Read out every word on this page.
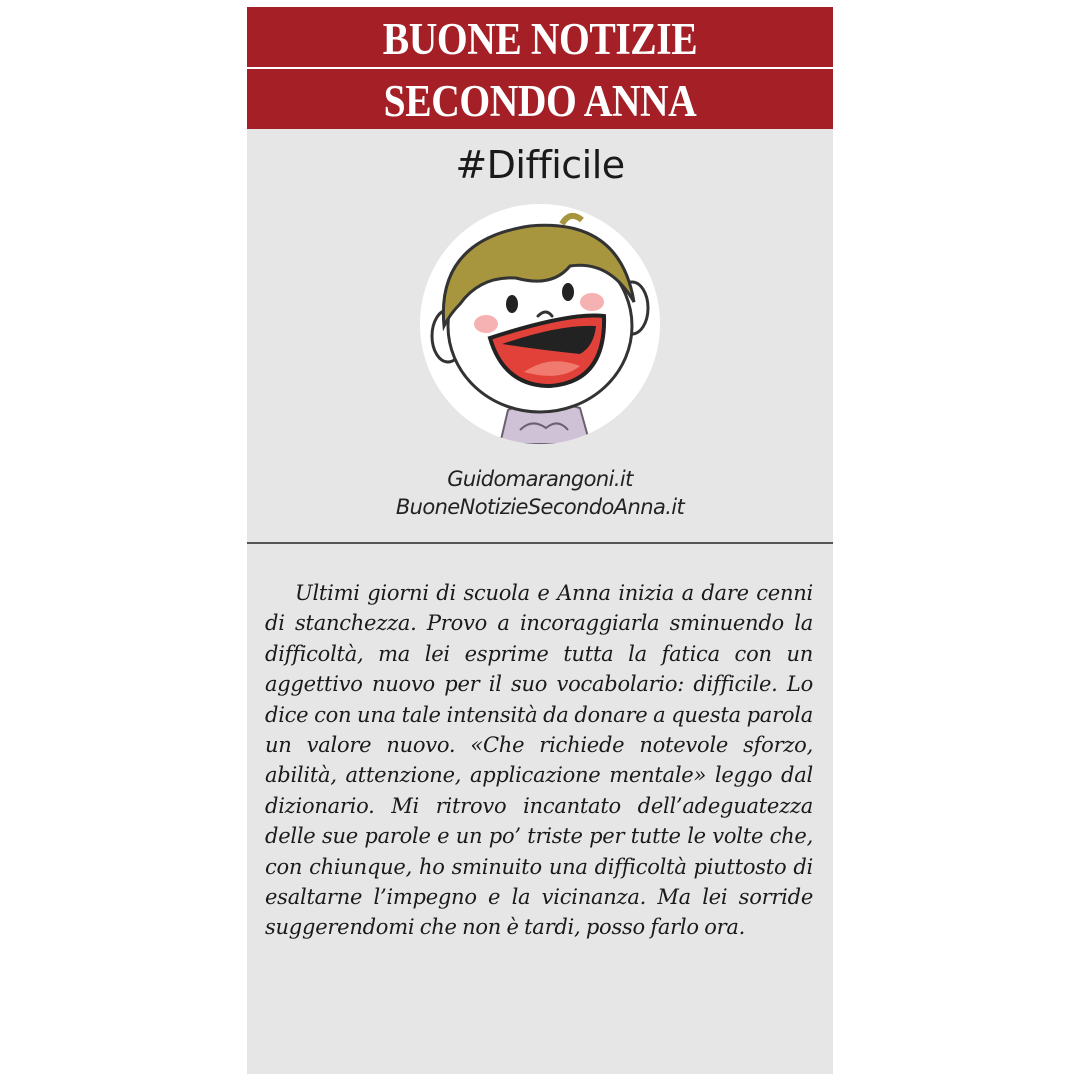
BUONE NOTIZIE
SECONDO ANNA
#Difficile
Guidomarangoni.it
BuoneNotizieSecondoAnna.it
Ultimi giorni di scuola e Anna inizia a dare cenni di stanchezza. Provo a incoraggiarla sminuendo la difficoltà, ma lei esprime tutta la fatica con un aggettivo nuovo per il suo vocabolario: difficile. Lo dice con una tale intensità da donare a questa parola un valore nuovo. «Che richiede notevole sforzo, abilità, attenzione, applicazione mentale» leggo dal dizionario. Mi ritrovo incantato dell’adeguatezza delle sue parole e un po’ triste per tutte le volte che, con chiunque, ho sminuito una difficoltà piuttosto di esaltarne l’impegno e la vicinanza. Ma lei sorride suggerendomi che non è tardi, posso farlo ora.
